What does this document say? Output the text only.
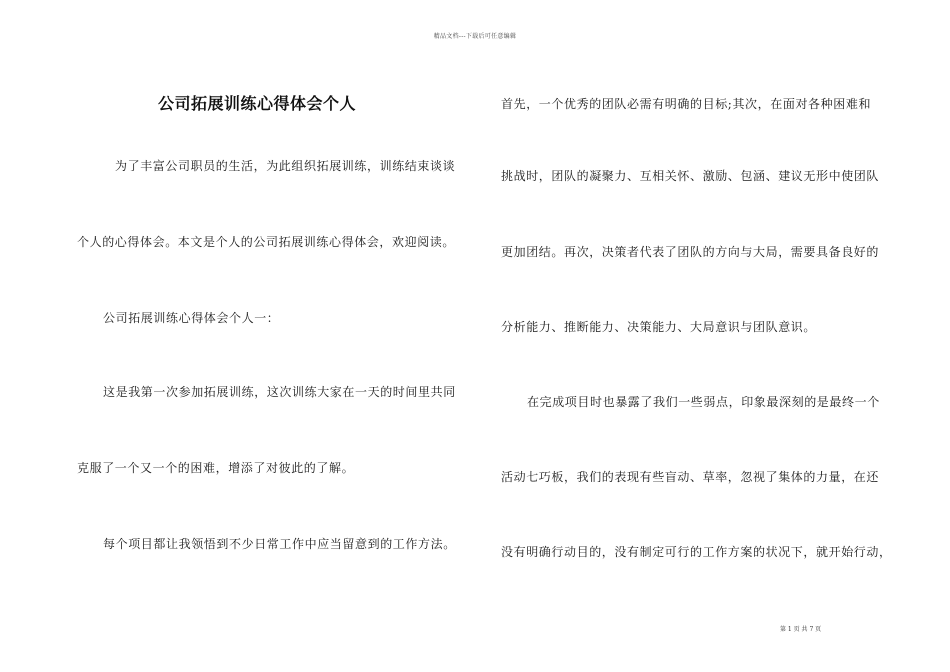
精品文档---下载后可任意编辑
公司拓展训练心得体会个人
为了丰富公司职员的生活，为此组织拓展训练，训练结束谈谈
个人的心得体会。本文是个人的公司拓展训练心得体会，欢迎阅读。
公司拓展训练心得体会个人一：
这是我第一次参加拓展训练，这次训练大家在一天的时间里共同
克服了一个又一个的困难，增添了对彼此的了解。
每个项目都让我领悟到不少日常工作中应当留意到的工作方法。
首先，一个优秀的团队必需有明确的目标;其次，在面对各种困难和
挑战时，团队的凝聚力、互相关怀、激励、包涵、建议无形中使团队
更加团结。再次，决策者代表了团队的方向与大局，需要具备良好的
分析能力、推断能力、决策能力、大局意识与团队意识。
在完成项目时也暴露了我们一些弱点，印象最深刻的是最终一个
活动七巧板，我们的表现有些盲动、草率，忽视了集体的力量，在还
没有明确行动目的，没有制定可行的工作方案的状况下，就开始行动，
第 1 页 共 7 页
